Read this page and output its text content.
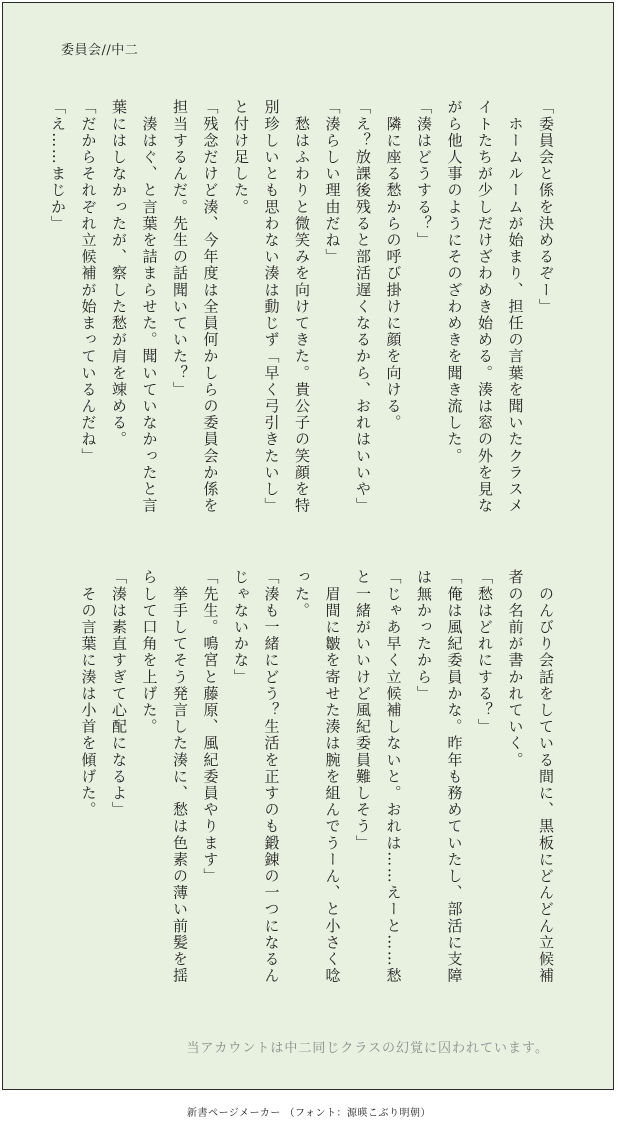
委員会//中二
「委員会と係を決めるぞー」
　ホームルームが始まり、担任の言葉を聞いたクラスメイトたちが少しだけざわめき始める。湊は窓の外を見ながら他人事のようにそのざわめきを聞き流した。
「湊はどうする？」
　隣に座る愁からの呼び掛けに顔を向ける。
「え？放課後残ると部活遅くなるから、おれはいいや」
「湊らしい理由だね」
　愁はふわりと微笑みを向けてきた。貴公子の笑顔を特別珍しいとも思わない湊は動じず「早く弓引きたいし」と付け足した。
「残念だけど湊、今年度は全員何かしらの委員会か係を担当するんだ。先生の話聞いていた？」
　湊はぐ、と言葉を詰まらせた。聞いていなかったと言葉にはしなかったが、察した愁が肩を竦める。
「だからそれぞれ立候補が始まっているんだね」
「え……まじか」
　のんびり会話をしている間に、黒板にどんどん立候補者の名前が書かれていく。
「愁はどれにする？」
「俺は風紀委員かな。昨年も務めていたし、部活に支障は無かったから」
「じゃあ早く立候補しないと。おれは……えーと……愁と一緒がいいけど風紀委員難しそう」
　眉間に皺を寄せた湊は腕を組んでうーん、と小さく唸った。
「湊も一緒にどう？生活を正すのも鍛錬の一つになるんじゃないかな」
「先生。鳴宮と藤原、風紀委員やります」
　挙手してそう発言した湊に、愁は色素の薄い前髪を揺らして口角を上げた。
「湊は素直すぎて心配になるよ」
　その言葉に湊は小首を傾げた。

当アカウントは中二同じクラスの幻覚に囚われています。
新書ページメーカー （フォント：源暎こぶり明朝）
